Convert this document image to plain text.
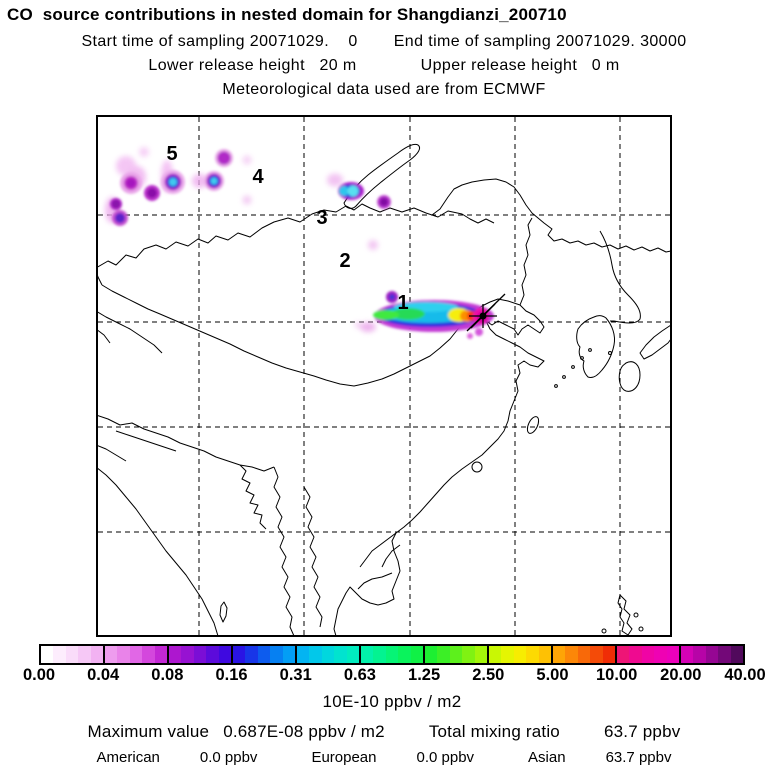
CO  source contributions in nested domain for Shangdianzi_200710
Start time of sampling 20071029.    0 End time of sampling 20071029. 30000
Lower release height   20 m	Upper release height   0 m
Meteorological data used are from ECMWF
1
2
3
4
5
0.00 0.04 0.08 0.16 0.31 0.63 1.25 2.50 5.00 10.00 20.00 40.00
10E-10 ppbv / m2
Maximum value 0.687E-08 ppbv / m2	Total mixing ratio	63.7 ppbv
American	0.0 ppbv	European	0.0 ppbv	Asian	63.7 ppbv
